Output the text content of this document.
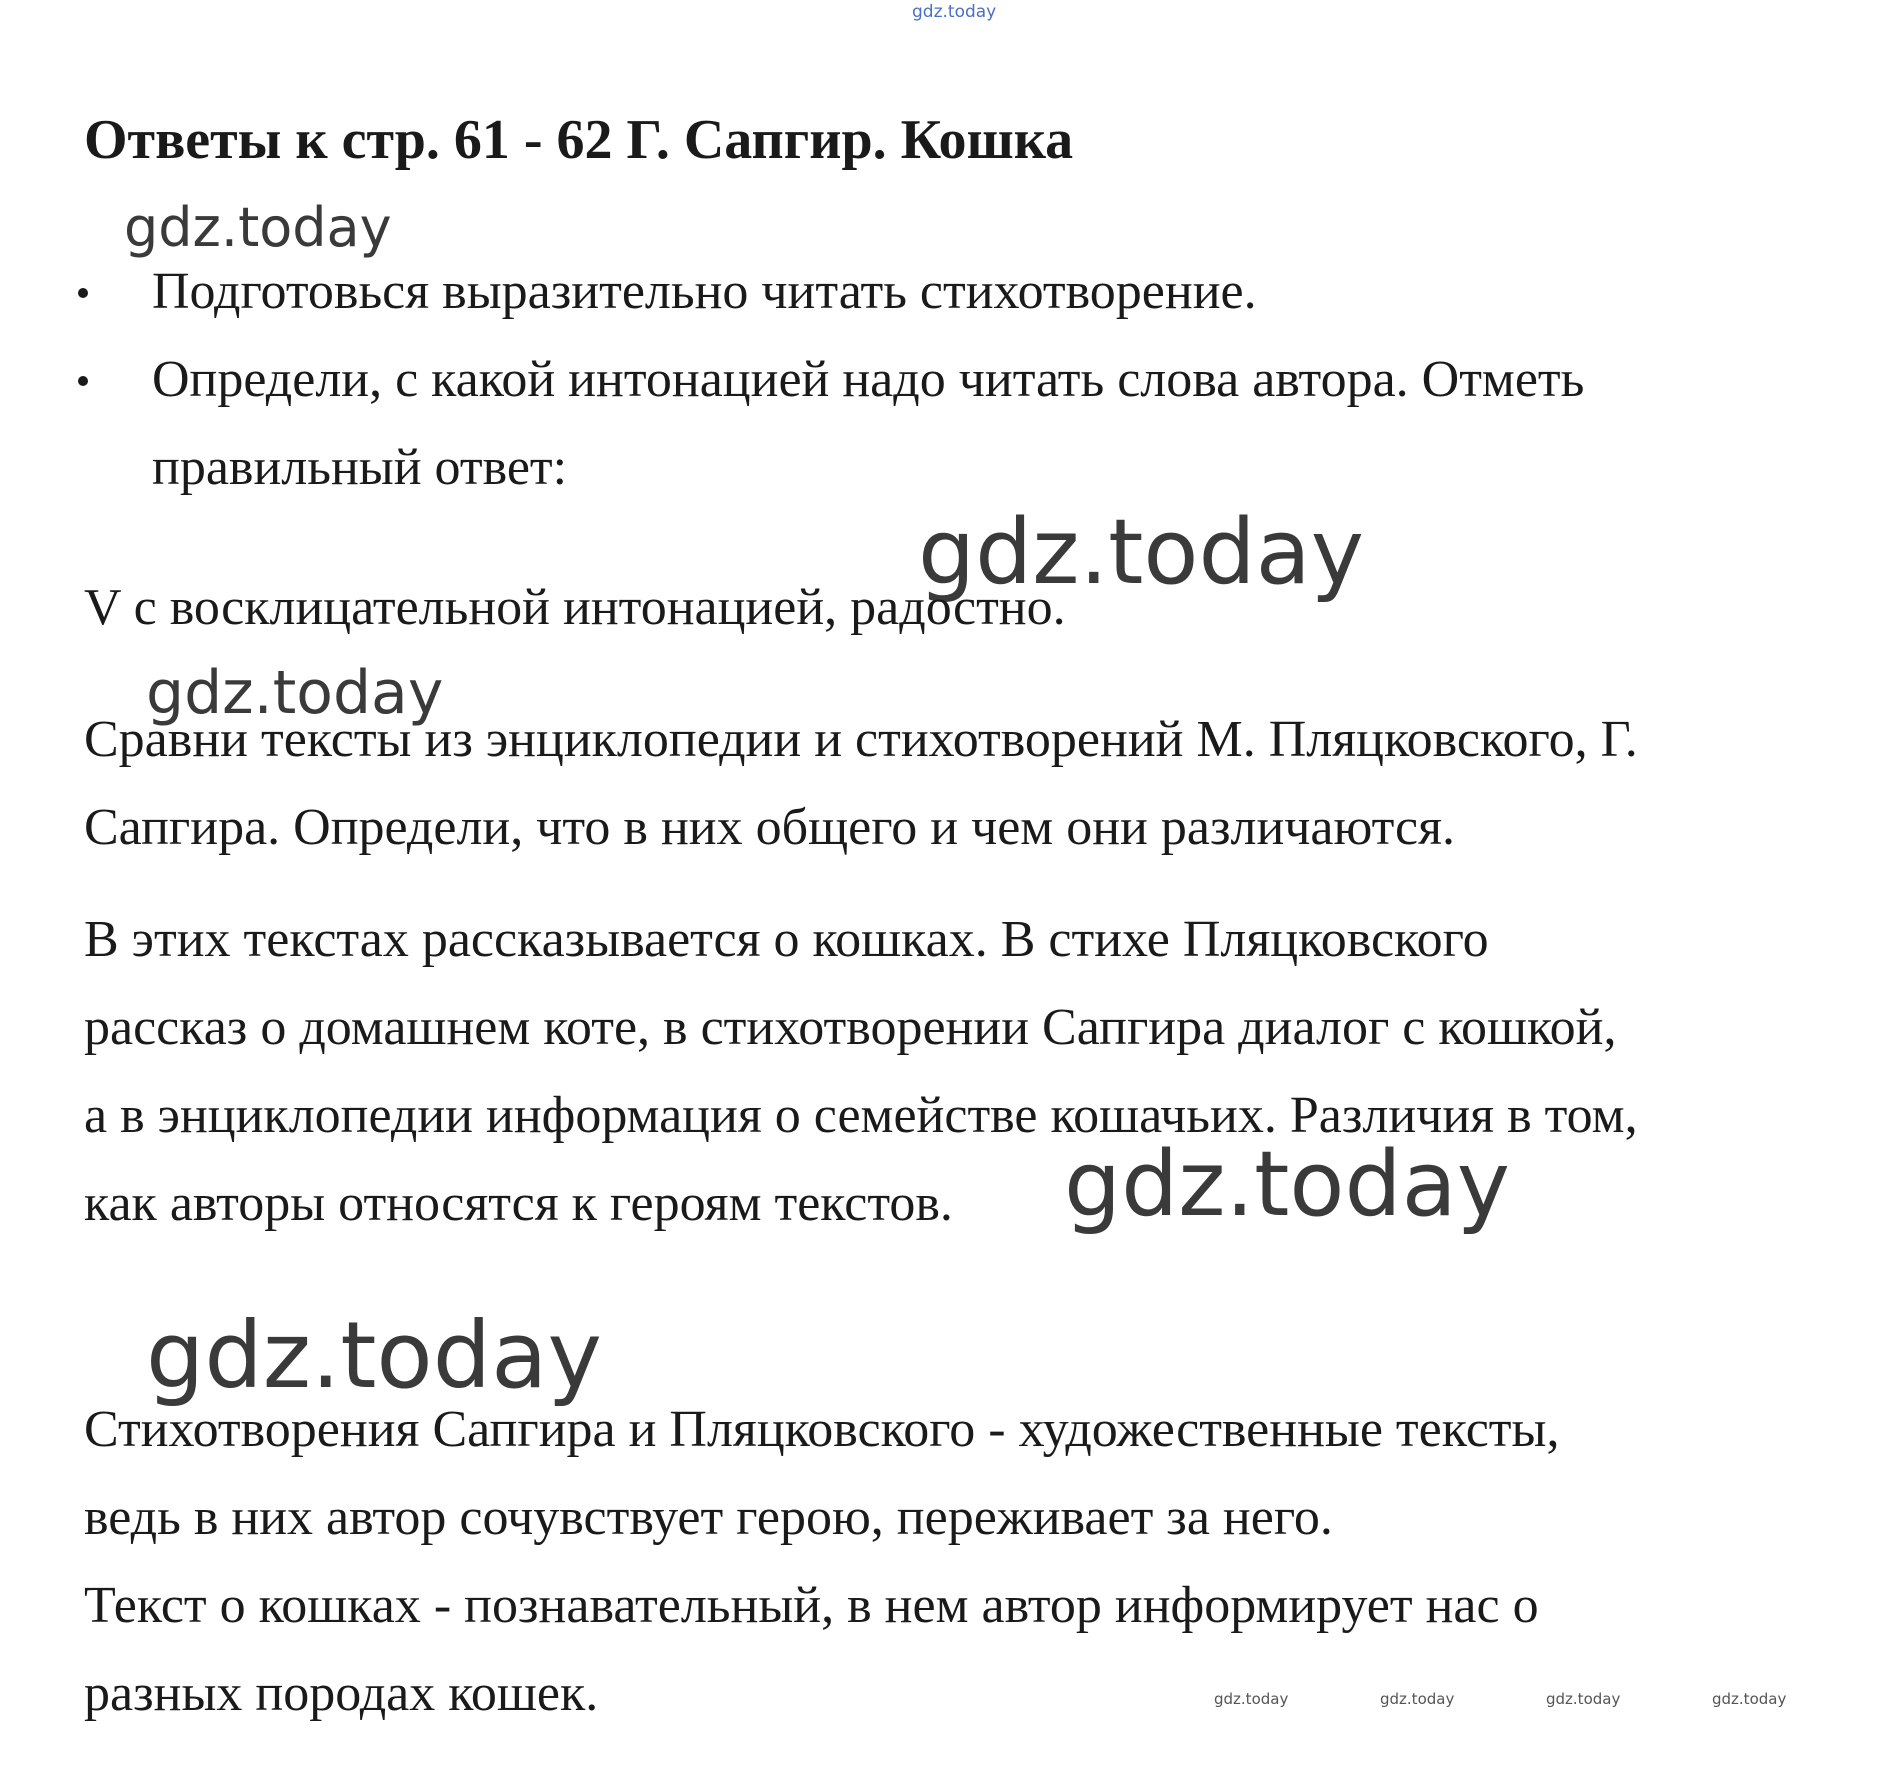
gdz.today
gdz.today
gdz.today
gdz.today
gdz.today
gdz.today
gdz.today	gdz.today	gdz.today	gdz.today
Ответы к стр. 61 - 62 Г. Сапгир. Кошка
Подготовься выразительно читать стихотворение.
Определи, с какой интонацией надо читать слова автора. Отметь
правильный ответ:
V с восклицательной интонацией, радостно.
Сравни тексты из энциклопедии и стихотворений М. Пляцковского, Г.
Сапгира. Определи, что в них общего и чем они различаются.
В этих текстах рассказывается о кошках. В стихе Пляцковского
рассказ о домашнем коте, в стихотворении Сапгира диалог с кошкой,
а в энциклопедии информация о семействе кошачьих. Различия в том,
как авторы относятся к героям текстов.
Стихотворения Сапгира и Пляцковского - художественные тексты,
ведь в них автор сочувствует герою, переживает за него.
Текст о кошках - познавательный, в нем автор информирует нас о
разных породах кошек.
